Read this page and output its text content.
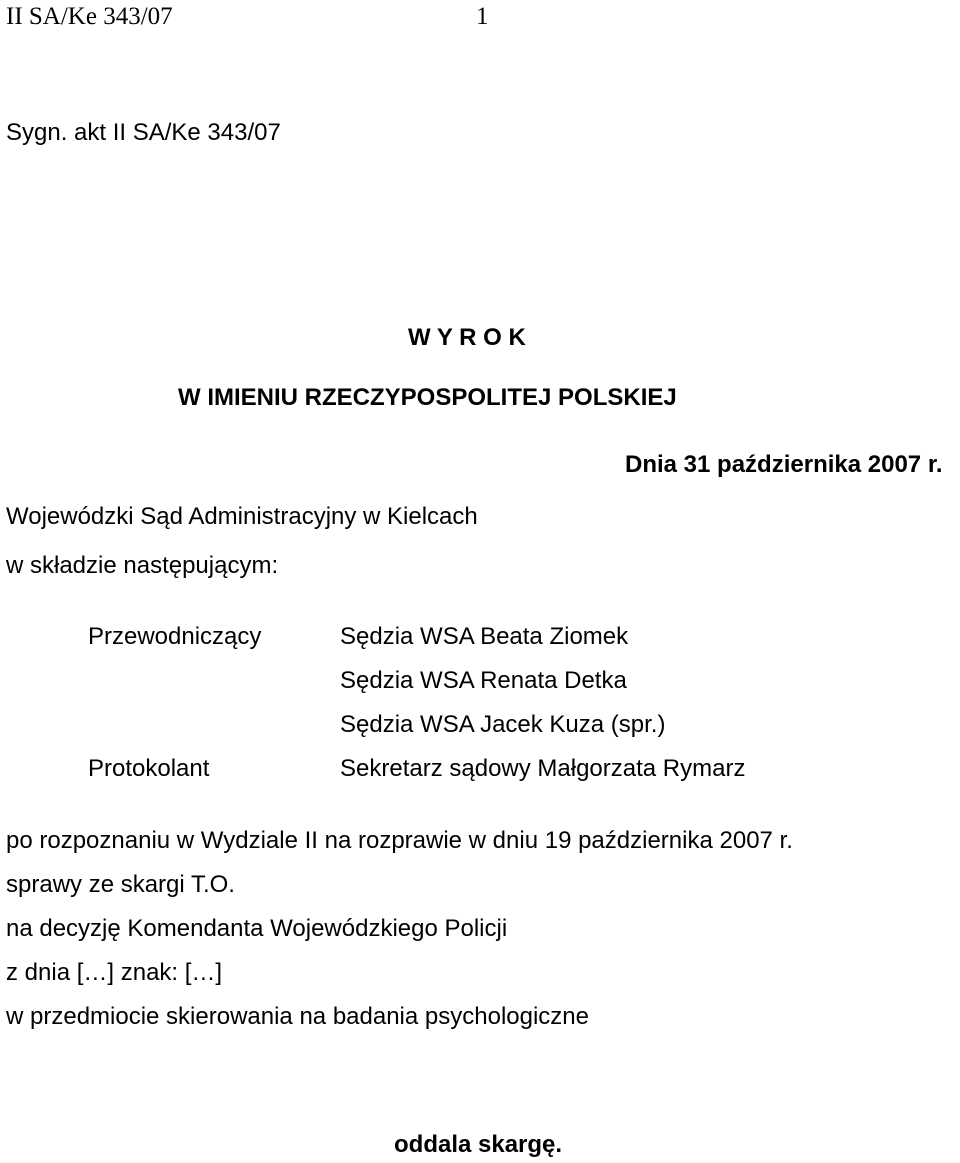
II SA/Ke 343/07	1
Sygn. akt II SA/Ke 343/07
W Y R O K
W IMIENIU RZECZYPOSPOLITEJ POLSKIEJ
Dnia 31 października 2007 r.
Wojewódzki Sąd Administracyjny w Kielcach
w składzie następującym:
Przewodniczący	Sędzia WSA Beata Ziomek
Sędzia WSA Renata Detka
Sędzia WSA Jacek Kuza (spr.)
Protokolant	Sekretarz sądowy Małgorzata Rymarz
po rozpoznaniu w Wydziale II na rozprawie w dniu 19 października 2007 r.
sprawy ze skargi T.O.
na decyzję Komendanta Wojewódzkiego Policji
z dnia […] znak: […]
w przedmiocie skierowania na badania psychologiczne
oddala skargę.
